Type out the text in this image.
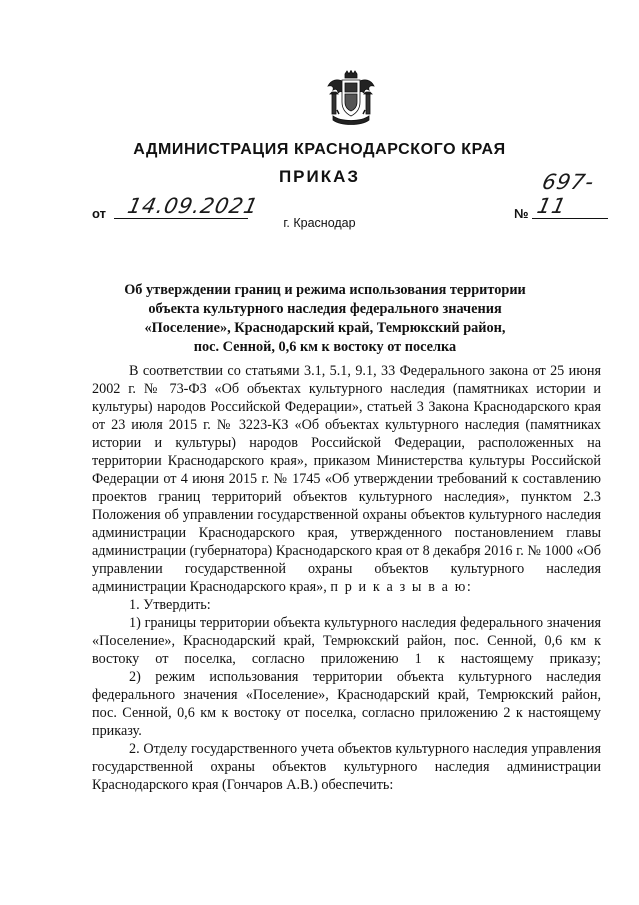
АДМИНИСТРАЦИЯ КРАСНОДАРСКОГО КРАЯ
ПРИКАЗ
от 14.09.2021	№
697-11
г. Краснодар
Об утверждении границ и режима использования территории
объекта культурного наследия федерального значения
«Поселение», Краснодарский край, Темрюкский район,
пос. Сенной, 0,6 км к востоку от поселка

В соответствии со статьями 3.1, 5.1, 9.1, 33 Федерального закона от 25 июня 2002 г. № 73-ФЗ «Об объектах культурного наследия (памятниках истории и культуры) народов Российской Федерации», статьей 3 Закона Краснодарского края от 23 июля 2015 г. № 3223-КЗ «Об объектах культурного наследия (памятниках истории и культуры) народов Российской Федерации, расположенных на территории Краснодарского края», приказом Министерства культуры Российской Федерации от 4 июня 2015 г. № 1745 «Об утверждении требований к составлению проектов границ территорий объектов культурного наследия», пунктом 2.3 Положения об управлении государственной охраны объектов культурного наследия администрации Краснодарского края, утвержденного постановлением главы администрации (губернатора) Краснодарского края от 8 декабря 2016 г. № 1000 «Об управлении государственной охраны объектов культурного наследия администрации Краснодарского края», п р и к а з ы в а ю:

1. Утвердить:

1) границы территории объекта культурного наследия федерального значения «Поселение», Краснодарский край, Темрюкский район, пос. Сенной, 0,6 км к востоку от поселка, согласно приложению 1 к настоящему приказу;

2) режим использования территории объекта культурного наследия федерального значения «Поселение», Краснодарский край, Темрюкский район, пос. Сенной, 0,6 км к востоку от поселка, согласно приложению 2 к настоящему приказу.

2. Отделу государственного учета объектов культурного наследия управления государственной охраны объектов культурного наследия администрации Краснодарского края (Гончаров А.В.) обеспечить:
